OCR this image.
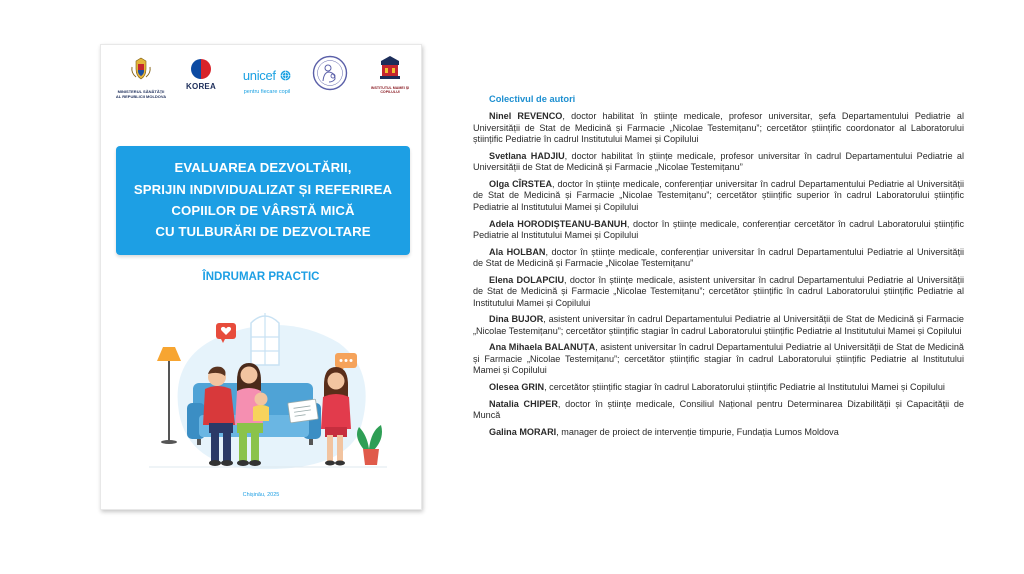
MINISTERUL SĂNĂTĂȚII AL REPUBLICII MOLDOVA
KOREA
unicef
pentru fiecare copil
INSTITUTUL MAMEI ȘI COPILULUI
EVALUAREA DEZVOLTĂRII,
SPRIJIN INDIVIDUALIZAT ȘI REFERIREA
COPIILOR DE VÂRSTĂ MICĂ
CU TULBURĂRI DE DEZVOLTARE
ÎNDRUMAR PRACTIC
Chișinău, 2025
Colectivul de autori
Ninel REVENCO, doctor habilitat în științe medicale, profesor universitar, șefa Departamentului Pediatrie al Universității de Stat de Medicină și Farmacie „Nicolae Testemițanu”; cercetător științific coordonator al Laboratorului științific Pediatrie în cadrul Institutului Mamei și Copilului
Svetlana HADJIU, doctor habilitat în științe medicale, profesor universitar în cadrul Departamentului Pediatrie al Universității de Stat de Medicină și Farmacie „Nicolae Testemițanu”
Olga CÎRSTEA, doctor în științe medicale, conferențiar universitar în cadrul Departamentului Pediatrie al Universității de Stat de Medicină și Farmacie „Nicolae Testemițanu”; cercetător științific superior în cadrul Laboratorului științific Pediatrie al Institutului Mamei și Copilului
Adela HORODIȘTEANU-BANUH, doctor în științe medicale, conferențiar cercetător în cadrul Laboratorului științific Pediatrie al Institutului Mamei și Copilului
Ala HOLBAN, doctor în științe medicale, conferențiar universitar în cadrul Departamentului Pediatrie al Universității de Stat de Medicină și Farmacie „Nicolae Testemițanu”
Elena DOLAPCIU, doctor în științe medicale, asistent universitar în cadrul Departamentului Pediatrie al Universității de Stat de Medicină și Farmacie „Nicolae Testemițanu”; cercetător științific în cadrul Laboratorului științific Pediatrie al Institutului Mamei și Copilului
Dina BUJOR, asistent universitar în cadrul Departamentului Pediatrie al Universității de Stat de Medicină și Farmacie „Nicolae Testemițanu”; cercetător științific stagiar în cadrul Laboratorului științific Pediatrie al Institutului Mamei și Copilului
Ana Mihaela BALANUȚA, asistent universitar în cadrul Departamentului Pediatrie al Universității de Stat de Medicină și Farmacie „Nicolae Testemițanu”; cercetător științific stagiar în cadrul Laboratorului științific Pediatrie al Institutului Mamei și Copilului
Olesea GRIN, cercetător științific stagiar în cadrul Laboratorului științific Pediatrie al Institutului Mamei și Copilului
Natalia CHIPER, doctor în științe medicale, Consiliul Național pentru Determinarea Dizabilității și Capacității de Muncă
Galina MORARI, manager de proiect de intervenție timpurie, Fundația Lumos Moldova
